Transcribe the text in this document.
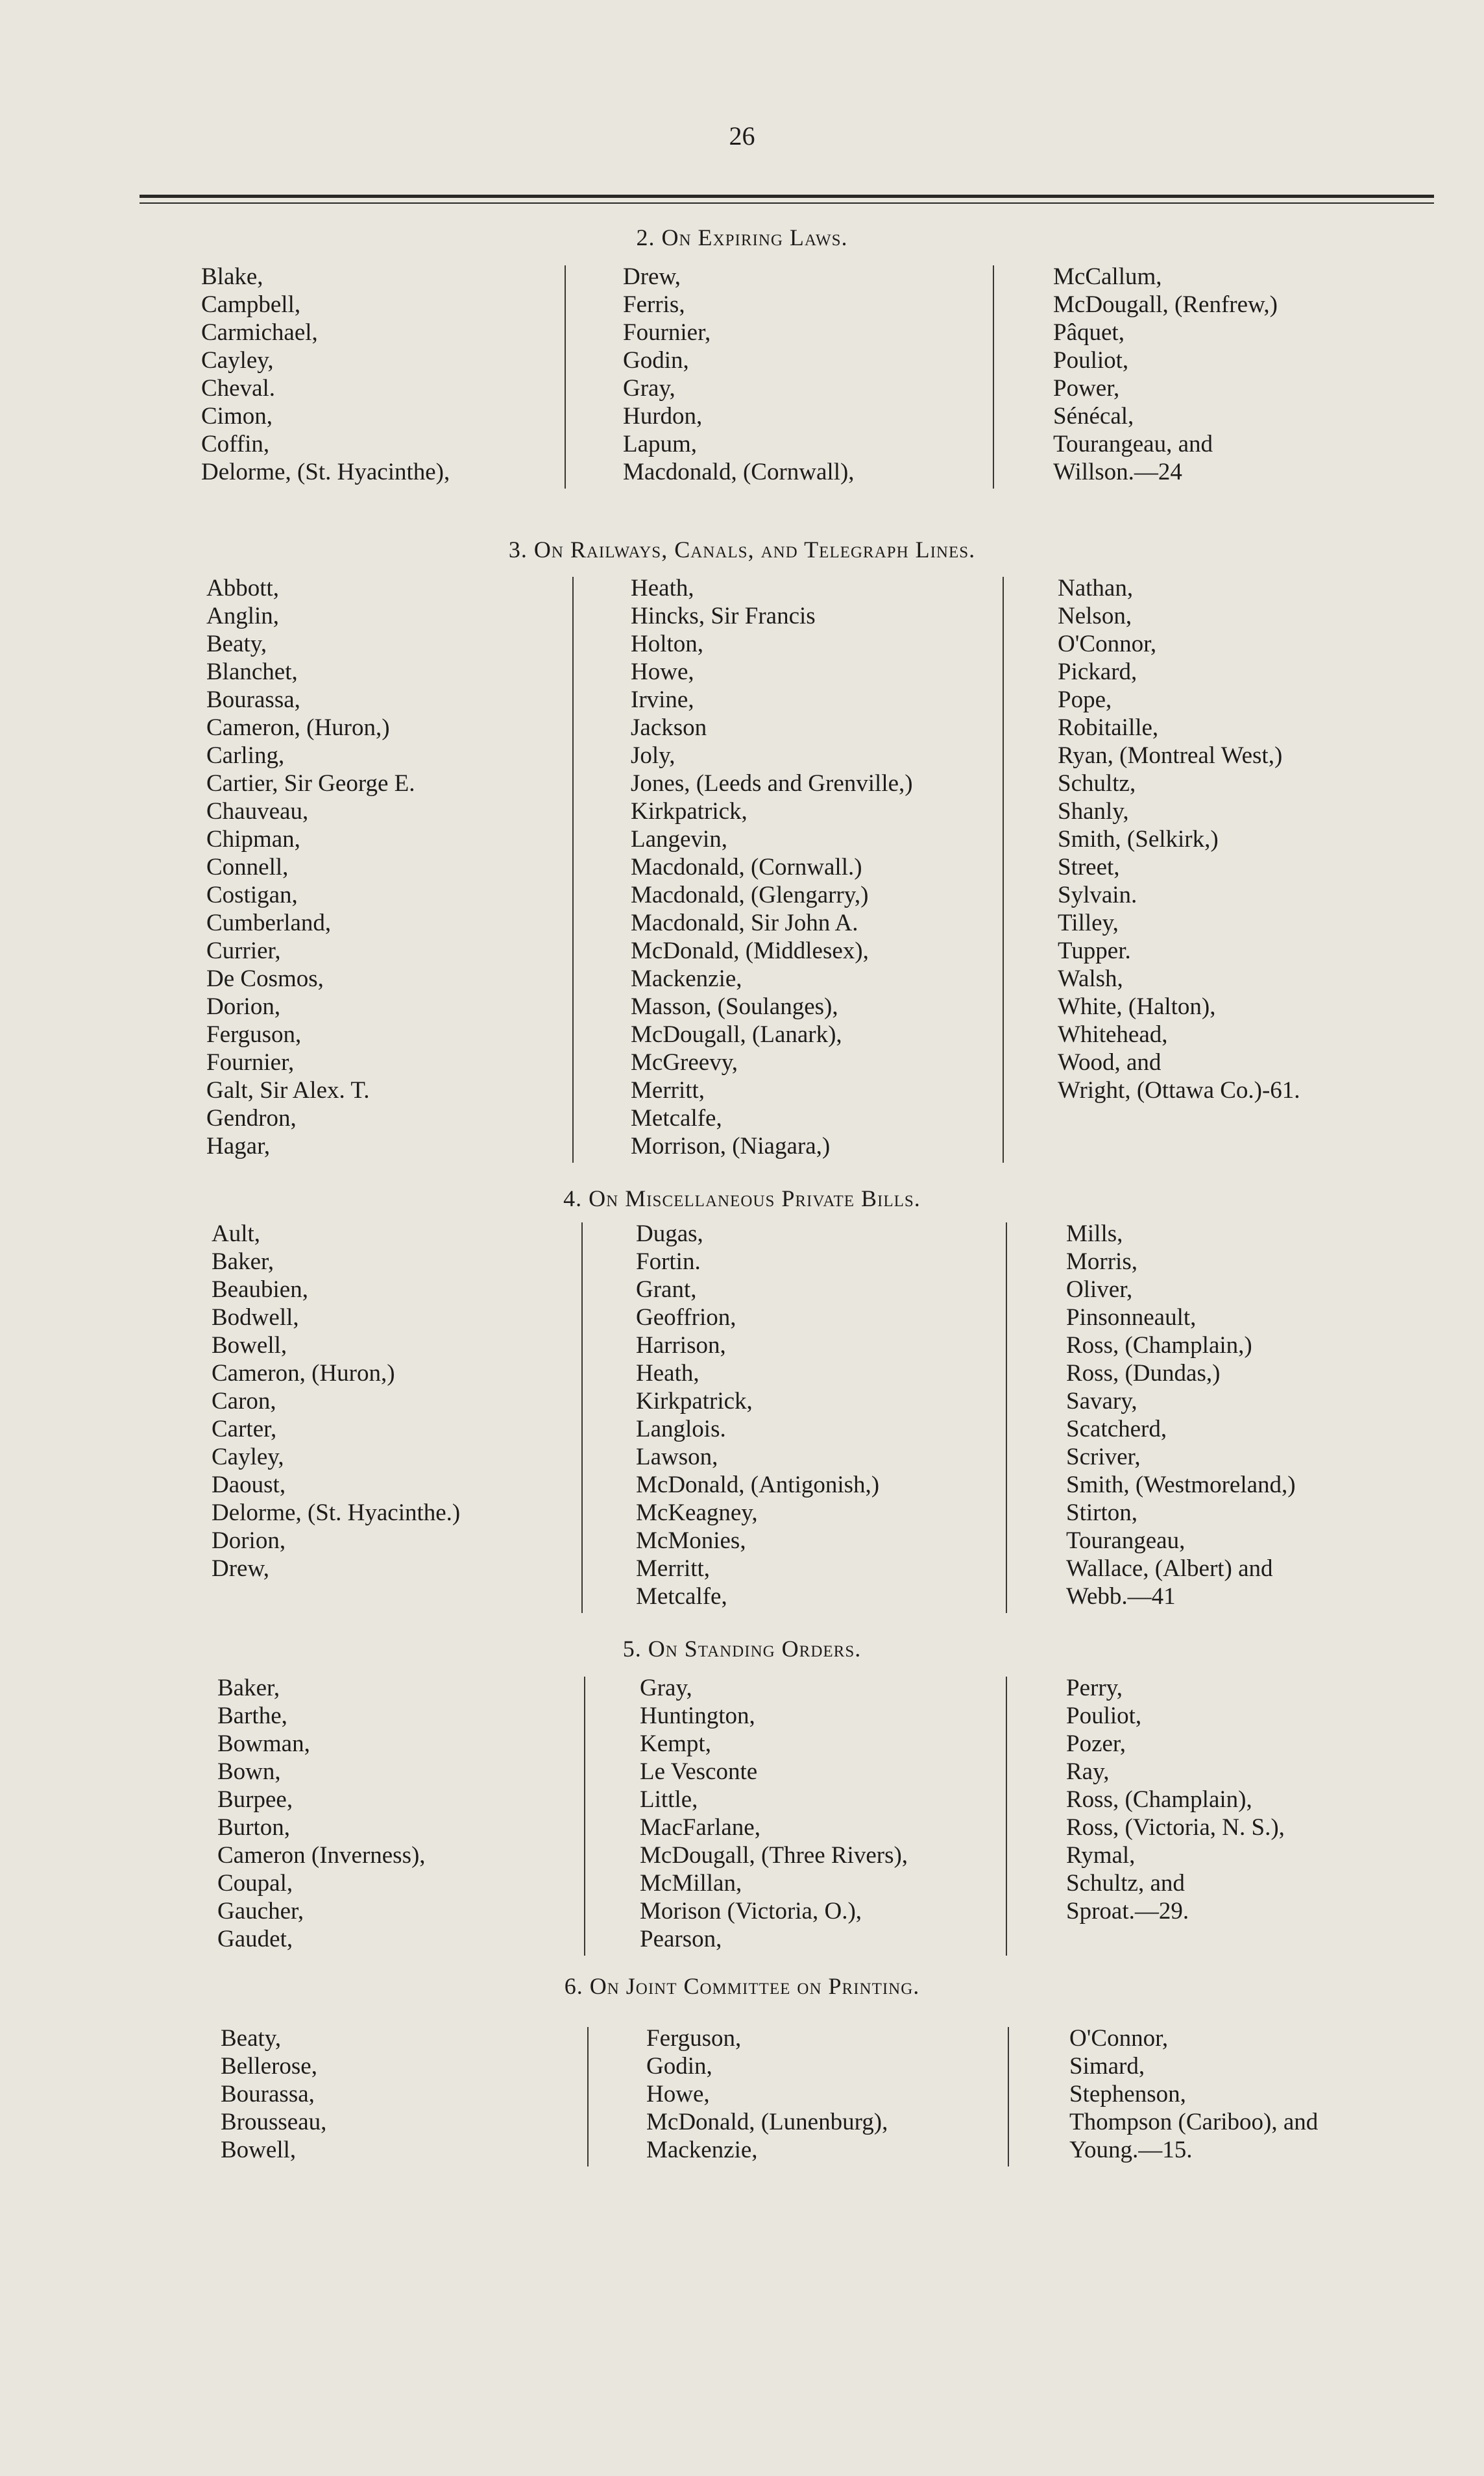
26
2. On Expiring Laws.
Blake,
Campbell,
Carmichael,
Cayley,
Cheval.
Cimon,
Coffin,
Delorme, (St. Hyacinthe),
Drew,
Ferris,
Fournier,
Godin,
Gray,
Hurdon,
Lapum,
Macdonald, (Cornwall),
McCallum,
McDougall, (Renfrew,)
Pâquet,
Pouliot,
Power,
Sénécal,
Tourangeau, and
Willson.—24
3. On Railways, Canals, and Telegraph Lines.
Abbott,
Anglin,
Beaty,
Blanchet,
Bourassa,
Cameron, (Huron,)
Carling,
Cartier, Sir George E.
Chauveau,
Chipman,
Connell,
Costigan,
Cumberland,
Currier,
De Cosmos,
Dorion,
Ferguson,
Fournier,
Galt, Sir Alex. T.
Gendron,
Hagar,
Heath,
Hincks, Sir Francis
Holton,
Howe,
Irvine,
Jackson
Joly,
Jones, (Leeds and Grenville,)
Kirkpatrick,
Langevin,
Macdonald, (Cornwall.)
Macdonald, (Glengarry,)
Macdonald, Sir John A.
McDonald, (Middlesex),
Mackenzie,
Masson, (Soulanges),
McDougall, (Lanark),
McGreevy,
Merritt,
Metcalfe,
Morrison, (Niagara,)
Nathan,
Nelson,
O'Connor,
Pickard,
Pope,
Robitaille,
Ryan, (Montreal West,)
Schultz,
Shanly,
Smith, (Selkirk,)
Street,
Sylvain.
Tilley,
Tupper.
Walsh,
White, (Halton),
Whitehead,
Wood, and
Wright, (Ottawa Co.)-61.
4. On Miscellaneous Private Bills.
Ault,
Baker,
Beaubien,
Bodwell,
Bowell,
Cameron, (Huron,)
Caron,
Carter,
Cayley,
Daoust,
Delorme, (St. Hyacinthe.)
Dorion,
Drew,
Dugas,
Fortin.
Grant,
Geoffrion,
Harrison,
Heath,
Kirkpatrick,
Langlois.
Lawson,
McDonald, (Antigonish,)
McKeagney,
McMonies,
Merritt,
Metcalfe,
Mills,
Morris,
Oliver,
Pinsonneault,
Ross, (Champlain,)
Ross, (Dundas,)
Savary,
Scatcherd,
Scriver,
Smith, (Westmoreland,)
Stirton,
Tourangeau,
Wallace, (Albert) and
Webb.—41
5. On Standing Orders.
Baker,
Barthe,
Bowman,
Bown,
Burpee,
Burton,
Cameron (Inverness),
Coupal,
Gaucher,
Gaudet,
Gray,
Huntington,
Kempt,
Le Vesconte
Little,
MacFarlane,
McDougall, (Three Rivers),
McMillan,
Morison (Victoria, O.),
Pearson,
Perry,
Pouliot,
Pozer,
Ray,
Ross, (Champlain),
Ross, (Victoria, N. S.),
Rymal,
Schultz, and
Sproat.—29.
6. On Joint Committee on Printing.
Beaty,
Bellerose,
Bourassa,
Brousseau,
Bowell,
Ferguson,
Godin,
Howe,
McDonald, (Lunenburg),
Mackenzie,
O'Connor,
Simard,
Stephenson,
Thompson (Cariboo), and
Young.—15.
